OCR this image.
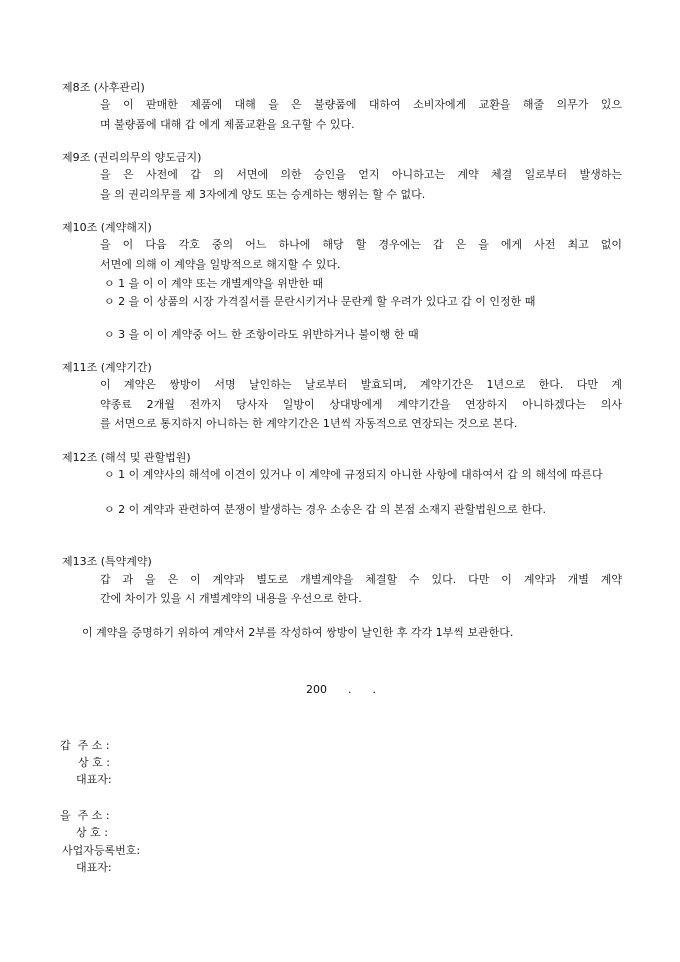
제8조 (사후관리)
을 이 판매한 제품에 대해 을 은 불량품에 대하여 소비자에게 교환을 해줄 의무가 있으
며 불량품에 대해 갑 에게 제품교환을 요구할 수 있다.
제9조 (권리의무의 양도금지)
을 은 사전에 갑 의 서면에 의한 승인을 얻지 아니하고는 계약 체결 일로부터 발생하는
을 의 권리의무를 제 3자에게 양도 또는 승계하는 행위는 할 수 없다.
제10조 (계약해지)
을 이 다음 각호 중의 어느 하나에 해당 할 경우에는 갑 은 을 에게 사전 최고 없이
서면에 의해 이 계약을 일방적으로 해지할 수 있다.
ㅇ 1 을 이 이 계약 또는 개별계약을 위반한 때
ㅇ 2 을 이 상품의 시장 가격질서를 문란시키거나 문란케 할 우려가 있다고 갑 이 인정한 때
ㅇ 3 을 이 이 계약중 어느 한 조항이라도 위반하거나 불이행 한 때
제11조 (계약기간)
이 계약은 쌍방이 서명 날인하는 날로부터 발효되며, 계약기간은 1년으로 한다. 다만 계
약종료 2개월 전까지 당사자 일방이 상대방에게 계약기간을 연장하지 아니하겠다는 의사
를 서면으로 통지하지 아니하는 한 계약기간은 1년씩 자동적으로 연장되는 것으로 본다.
제12조 (해석 및 관할법원)
ㅇ 1 이 계약사의 해석에 이견이 있거나 이 계약에 규정되지 아니한 사항에 대하여서 갑 의 해석에 따른다
ㅇ 2 이 계약과 관련하여 분쟁이 발생하는 경우 소송은 갑 의 본점 소재지 관할법원으로 한다.
제13조 (특약계약)
갑 과 을 은 이 계약과 별도로 개별계약을 체결할 수 있다. 다만 이 계약과 개별 계약
간에 차이가 있을 시 개별계약의 내용을 우선으로 한다.
이 계약을 증명하기 위하여 계약서 2부를 작성하여 쌍방이 날인한 후 각각 1부씩 보관한다.
200      .      .
갑  주 소 :
상 호 :
대표자:
을  주 소 :
상 호 :
사업자등록번호:
대표자:
